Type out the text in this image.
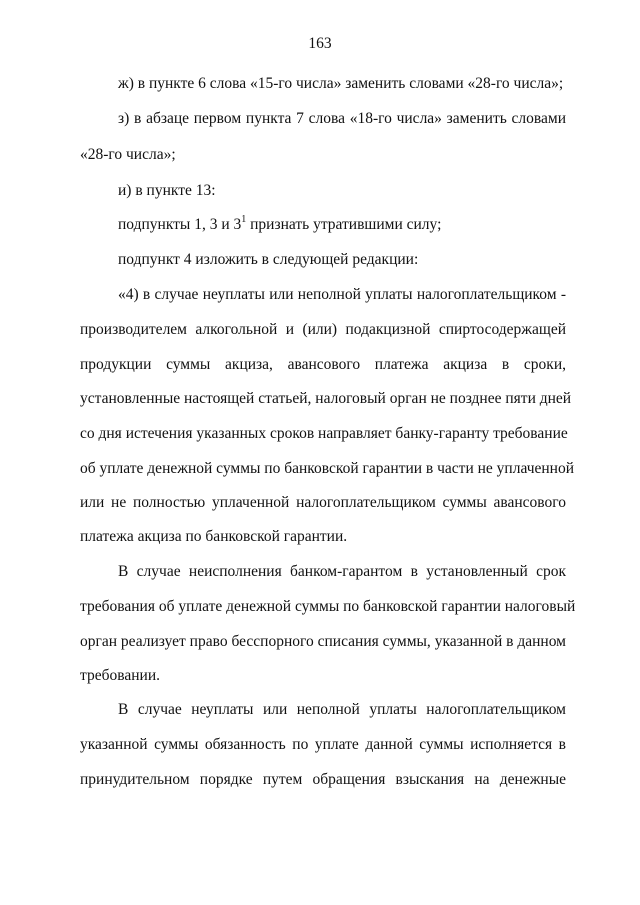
163
ж) в пункте 6 слова «15-го числа» заменить словами «28-го числа»;
з) в абзаце первом пункта 7 слова «18-го числа» заменить словами
«28-го числа»;
и) в пункте 13:
подпункты 1, 3 и $3^1$ признать утратившими силу;
подпункт 4 изложить в следующей редакции:
«4) в случае неуплаты или неполной уплаты налогоплательщиком -
производителем алкогольной и (или) подакцизной спиртосодержащей
продукции суммы акциза, авансового платежа акциза в сроки,
установленные настоящей статьей, налоговый орган не позднее пяти дней
со дня истечения указанных сроков направляет банку-гаранту требование
об уплате денежной суммы по банковской гарантии в части не уплаченной
или не полностью уплаченной налогоплательщиком суммы авансового
платежа акциза по банковской гарантии.
В случае неисполнения банком-гарантом в установленный срок
требования об уплате денежной суммы по банковской гарантии налоговый
орган реализует право бесспорного списания суммы, указанной в данном
требовании.
В случае неуплаты или неполной уплаты налогоплательщиком
указанной суммы обязанность по уплате данной суммы исполняется в
принудительном порядке путем обращения взыскания на денежные
